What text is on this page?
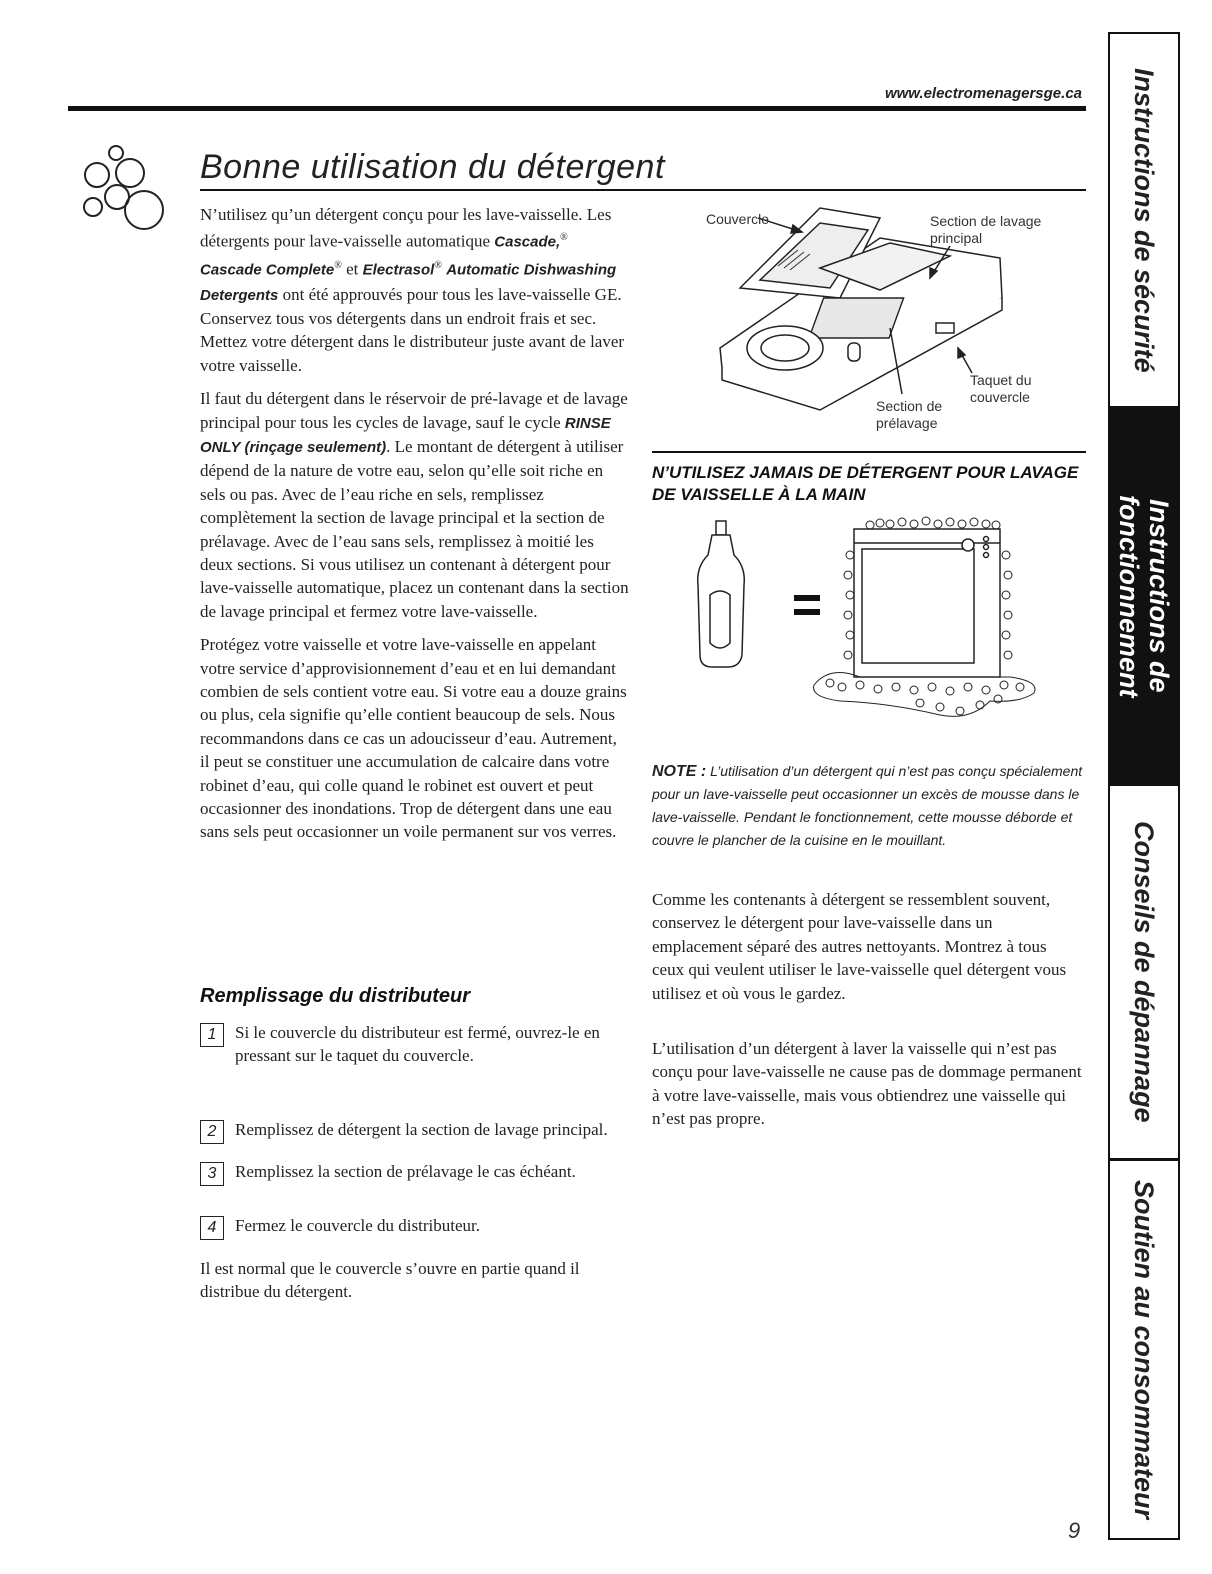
www.electromenagersge.ca
Bonne utilisation du détergent

N’utilisez qu’un détergent conçu pour les lave-vaisselle. Les détergents pour lave-vaisselle automatique Cascade,® Cascade Complete® et Electrasol® Automatic Dishwashing Detergents ont été approuvés pour tous les lave-vaisselle GE. Conservez tous vos détergents dans un endroit frais et sec. Mettez votre détergent dans le distributeur juste avant de laver votre vaisselle.

Il faut du détergent dans le réservoir de pré-lavage et de lavage principal pour tous les cycles de lavage, sauf le cycle RINSE ONLY (rinçage seulement). Le montant de détergent à utiliser dépend de la nature de votre eau, selon qu’elle soit riche en sels ou pas. Avec de l’eau riche en sels, remplissez complètement la section de lavage principal et la section de prélavage. Avec de l’eau sans sels, remplissez à moitié les deux sections. Si vous utilisez un contenant à détergent pour lave-vaisselle automatique, placez un contenant dans la section de lavage principal et fermez votre lave-vaisselle.

Protégez votre vaisselle et votre lave-vaisselle en appelant votre service d’approvisionnement d’eau et en lui demandant combien de sels contient votre eau. Si votre eau a douze grains ou plus, cela signifie qu’elle contient beaucoup de sels. Nous recommandons dans ce cas un adoucisseur d’eau. Autrement, il peut se constituer une accumulation de calcaire dans votre robinet d’eau, qui colle quand le robinet est ouvert et peut occasionner des inondations. Trop de détergent dans une eau sans sels peut occasionner un voile permanent sur vos verres.

Remplissage du distributeur
1	Si le couvercle du distributeur est fermé, ouvrez-le en pressant sur le taquet du couvercle.
2	Remplissez de détergent la section de lavage principal.
3	Remplissez la section de prélavage le cas échéant.
4	Fermez le couvercle du distributeur.
Il est normal que le couvercle s’ouvre en partie quand il distribue du détergent.
Couvercle	Section de lavage principal
Taquet du couvercle
Section de prélavage
N’UTILISEZ JAMAIS DE DÉTERGENT POUR LAVAGE DE VAISSELLE À LA MAIN
NOTE : L’utilisation d’un détergent qui n’est pas conçu spécialement pour un lave-vaisselle peut occasionner un excès de mousse dans le lave-vaisselle. Pendant le fonctionnement, cette mousse déborde et couvre le plancher de la cuisine en le mouillant.
Comme les contenants à détergent se ressemblent souvent, conservez le détergent pour lave-vaisselle dans un emplacement séparé des autres nettoyants. Montrez à tous ceux qui veulent utiliser le lave-vaisselle quel détergent vous utilisez et où vous le gardez.
L’utilisation d’un détergent à laver la vaisselle qui n’est pas conçu pour lave-vaisselle ne cause pas de dommage permanent à votre lave-vaisselle, mais vous obtiendrez une vaisselle qui n’est pas propre.
9
Instructions de sécurité
Instructions de fonctionnement
Conseils de dépannage
Soutien au consommateur
